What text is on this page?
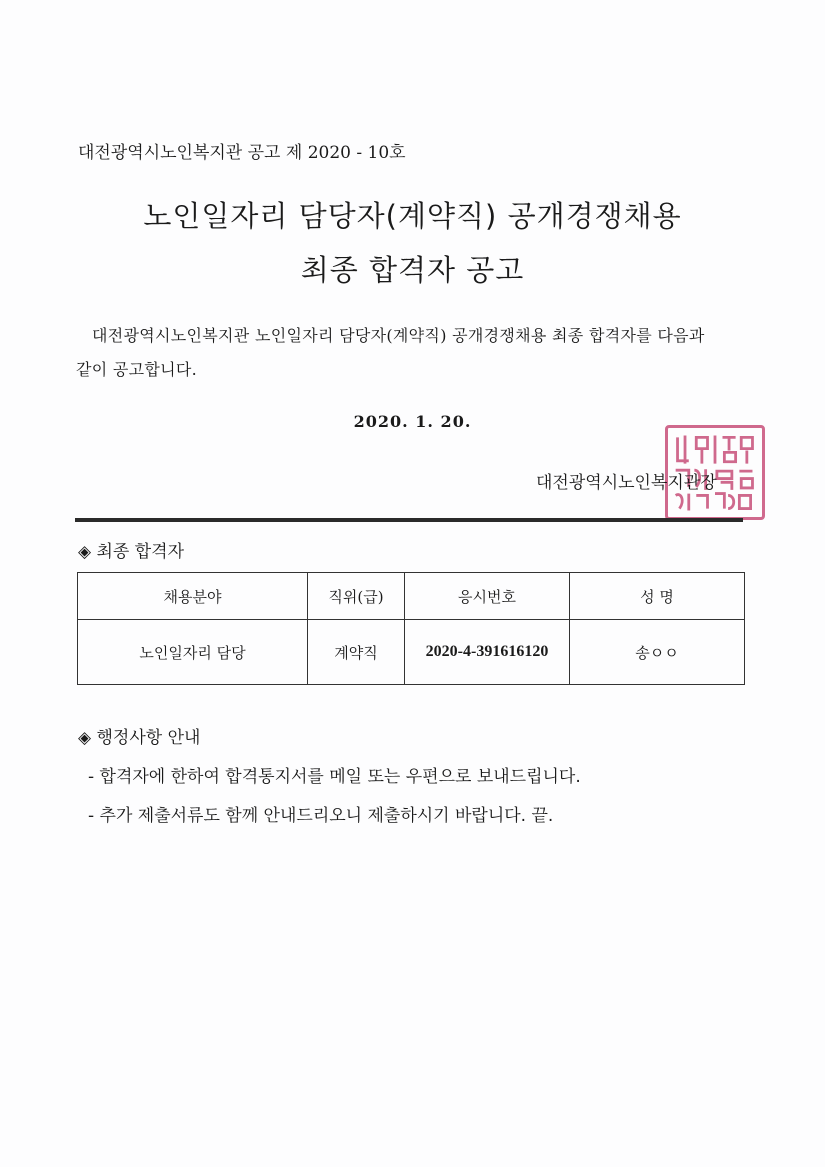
대전광역시노인복지관 공고 제 2020 - 10호
노인일자리 담당자(계약직) 공개경쟁채용
최종 합격자 공고
대전광역시노인복지관 노인일자리 담당자(계약직) 공개경쟁채용 최종 합격자를 다음과
같이 공고합니다.
2020. 1. 20.
대전광역시노인복지관장
◈ 최종 합격자
채용분야	직위(급)	응시번호	성 명
노인일자리 담당	계약직	2020-4-391616120	송ㅇㅇ
◈ 행정사항 안내
- 합격자에 한하여 합격통지서를 메일 또는 우편으로 보내드립니다.
- 추가 제출서류도 함께 안내드리오니 제출하시기 바랍니다. 끝.
